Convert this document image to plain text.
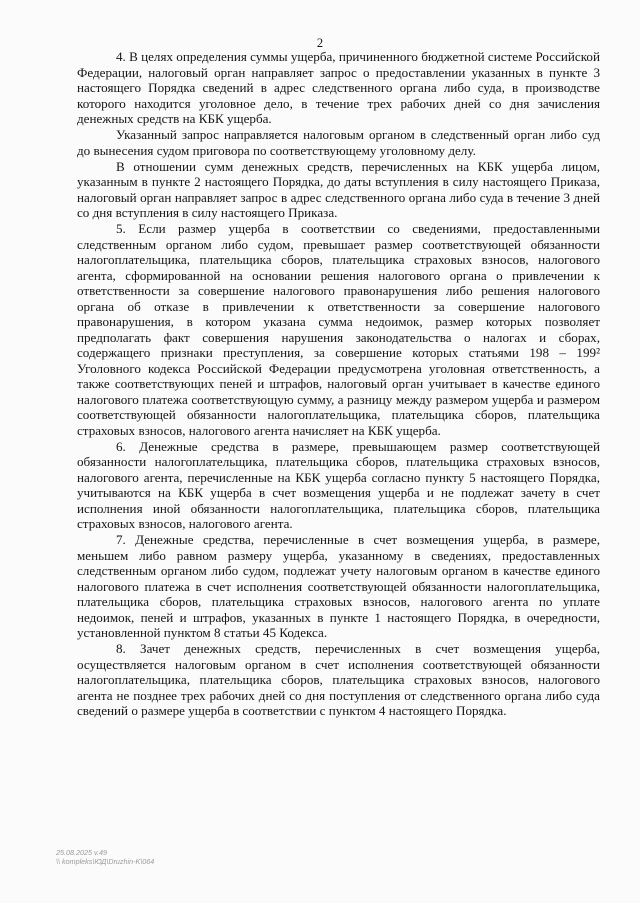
2

4. В целях определения суммы ущерба, причиненного бюджетной системе Российской Федерации, налоговый орган направляет запрос о предоставлении указанных в пункте 3 настоящего Порядка сведений в адрес следственного органа либо суда, в производстве которого находится уголовное дело, в течение трех рабочих дней со дня зачисления денежных средств на КБК ущерба.

Указанный запрос направляется налоговым органом в следственный орган либо суд до вынесения судом приговора по соответствующему уголовному делу.

В отношении сумм денежных средств, перечисленных на КБК ущерба лицом, указанным в пункте 2 настоящего Порядка, до даты вступления в силу настоящего Приказа, налоговый орган направляет запрос в адрес следственного органа либо суда в течение 3 дней со дня вступления в силу настоящего Приказа.

5. Если размер ущерба в соответствии со сведениями, предоставленными следственным органом либо судом, превышает размер соответствующей обязанности налогоплательщика, плательщика сборов, плательщика страховых взносов, налогового агента, сформированной на основании решения налогового органа о привлечении к ответственности за совершение налогового правонарушения либо решения налогового органа об отказе в привлечении к ответственности за совершение налогового правонарушения, в котором указана сумма недоимок, размер которых позволяет предполагать факт совершения нарушения законодательства о налогах и сборах, содержащего признаки преступления, за совершение которых статьями 198 – 199² Уголовного кодекса Российской Федерации предусмотрена уголовная ответственность, а также соответствующих пеней и штрафов, налоговый орган учитывает в качестве единого налогового платежа соответствующую сумму, а разницу между размером ущерба и размером соответствующей обязанности налогоплательщика, плательщика сборов, плательщика страховых взносов, налогового агента начисляет на КБК ущерба.

6. Денежные средства в размере, превышающем размер соответствующей обязанности налогоплательщика, плательщика сборов, плательщика страховых взносов, налогового агента, перечисленные на КБК ущерба согласно пункту 5 настоящего Порядка, учитываются на КБК ущерба в счет возмещения ущерба и не подлежат зачету в счет исполнения иной обязанности налогоплательщика, плательщика сборов, плательщика страховых взносов, налогового агента.

7. Денежные средства, перечисленные в счет возмещения ущерба, в размере, меньшем либо равном размеру ущерба, указанному в сведениях, предоставленных следственным органом либо судом, подлежат учету налоговым органом в качестве единого налогового платежа в счет исполнения соответствующей обязанности налогоплательщика, плательщика сборов, плательщика страховых взносов, налогового агента по уплате недоимок, пеней и штрафов, указанных в пункте 1 настоящего Порядка, в очередности, установленной пунктом 8 статьи 45 Кодекса.

8. Зачет денежных средств, перечисленных в счет возмещения ущерба, осуществляется налоговым органом в счет исполнения соответствующей обязанности налогоплательщика, плательщика сборов, плательщика страховых взносов, налогового агента не позднее трех рабочих дней со дня поступления от следственного органа либо суда сведений о размере ущерба в соответствии с пунктом 4 настоящего Порядка.

25.08.2025 v.49
\\ kompleks\ЮД\Druzhin-K\064
